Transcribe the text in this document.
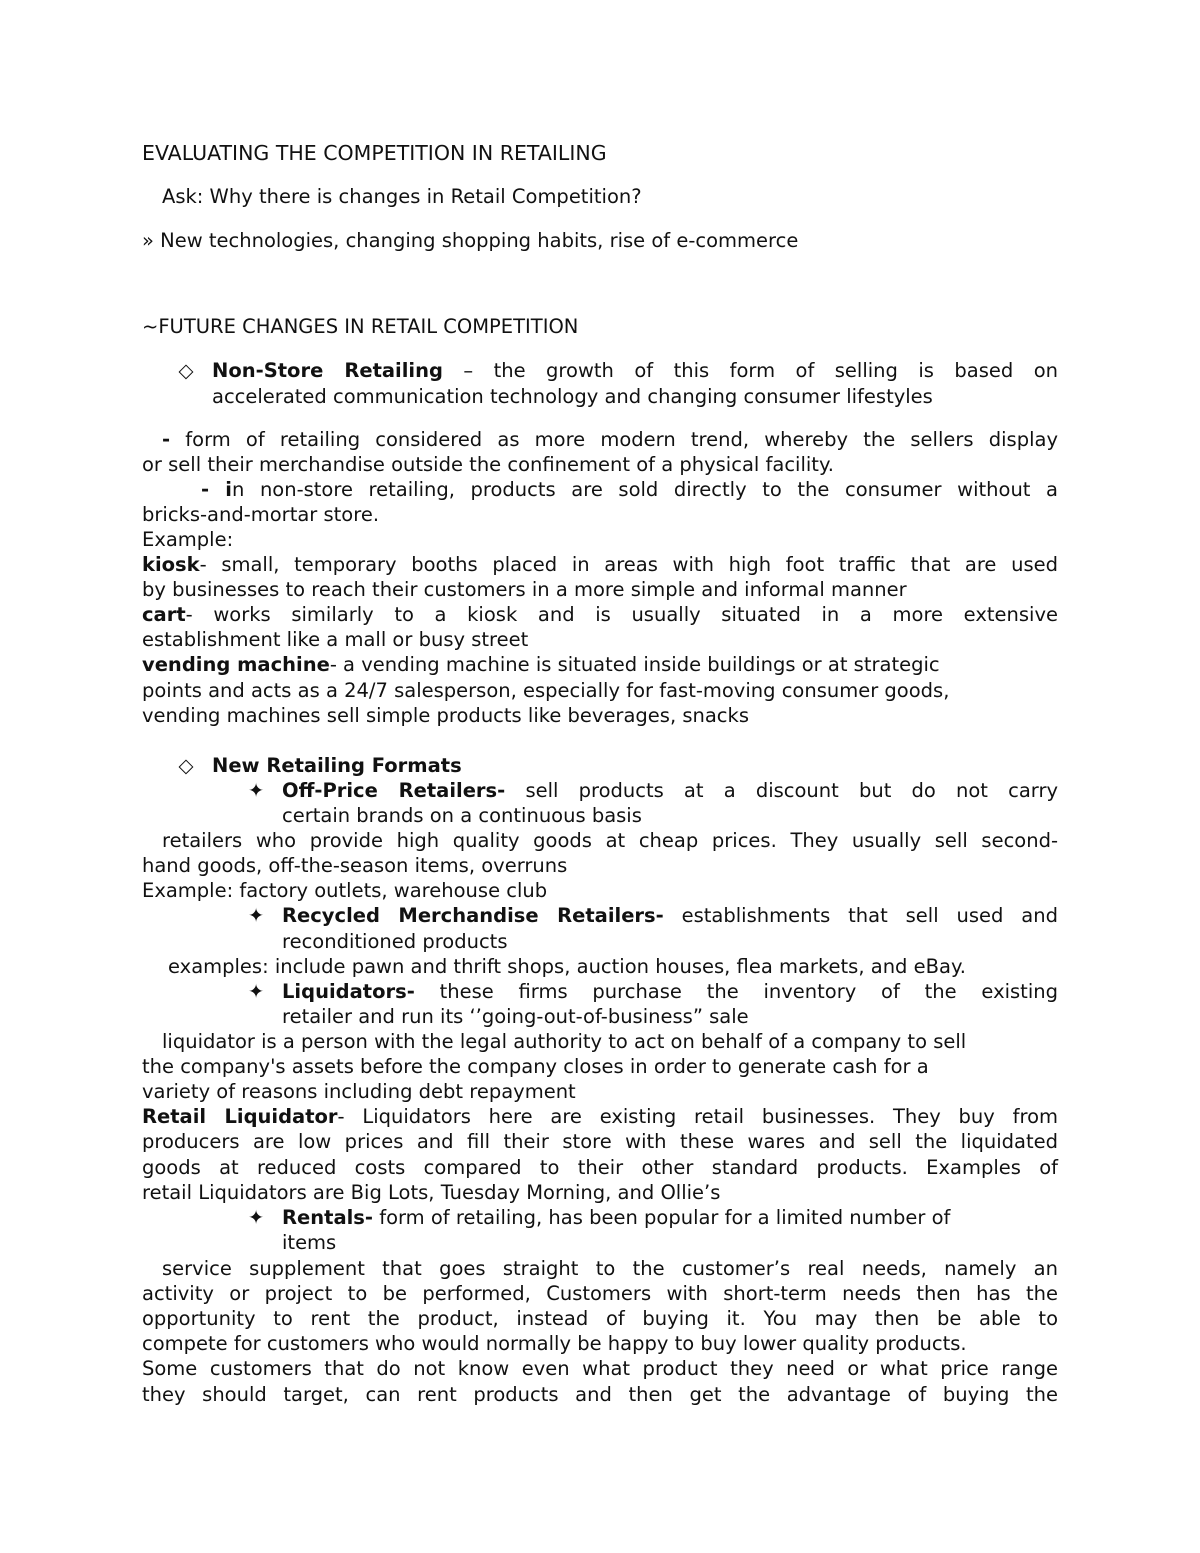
EVALUATING THE COMPETITION IN RETAILING
Ask: Why there is changes in Retail Competition?
» New technologies, changing shopping habits, rise of e-commerce
~FUTURE CHANGES IN RETAIL COMPETITION
◇ Non-Store Retailing – the growth of this form of selling is based on
accelerated communication technology and changing consumer lifestyles
- form of retailing considered as more modern trend, whereby the sellers display
or sell their merchandise outside the confinement of a physical facility.
- in non-store retailing, products are sold directly to the consumer without a
bricks-and-mortar store.
Example:
kiosk- small, temporary booths placed in areas with high foot traffic that are used
by businesses to reach their customers in a more simple and informal manner
cart- works similarly to a kiosk and is usually situated in a more extensive
establishment like a mall or busy street
vending machine- a vending machine is situated inside buildings or at strategic
points and acts as a 24/7 salesperson, especially for fast-moving consumer goods,
vending machines sell simple products like beverages, snacks
◇ New Retailing Formats
✦ Off-Price Retailers- sell products at a discount but do not carry
certain brands on a continuous basis
retailers who provide high quality goods at cheap prices. They usually sell second-
hand goods, off-the-season items, overruns
Example: factory outlets, warehouse club
✦ Recycled Merchandise Retailers- establishments that sell used and
reconditioned products
examples: include pawn and thrift shops, auction houses, flea markets, and eBay.
✦ Liquidators- these firms purchase the inventory of the existing
retailer and run its ‘’going-out-of-business” sale
liquidator is a person with the legal authority to act on behalf of a company to sell
the company's assets before the company closes in order to generate cash for a
variety of reasons including debt repayment
Retail Liquidator- Liquidators here are existing retail businesses. They buy from
producers are low prices and fill their store with these wares and sell the liquidated
goods at reduced costs compared to their other standard products. Examples of
retail Liquidators are Big Lots, Tuesday Morning, and Ollie’s
✦ Rentals- form of retailing, has been popular for a limited number of
items
service supplement that goes straight to the customer’s real needs, namely an
activity or project to be performed, Customers with short-term needs then has the
opportunity to rent the product, instead of buying it. You may then be able to
compete for customers who would normally be happy to buy lower quality products.
Some customers that do not know even what product they need or what price range
they should target, can rent products and then get the advantage of buying the
